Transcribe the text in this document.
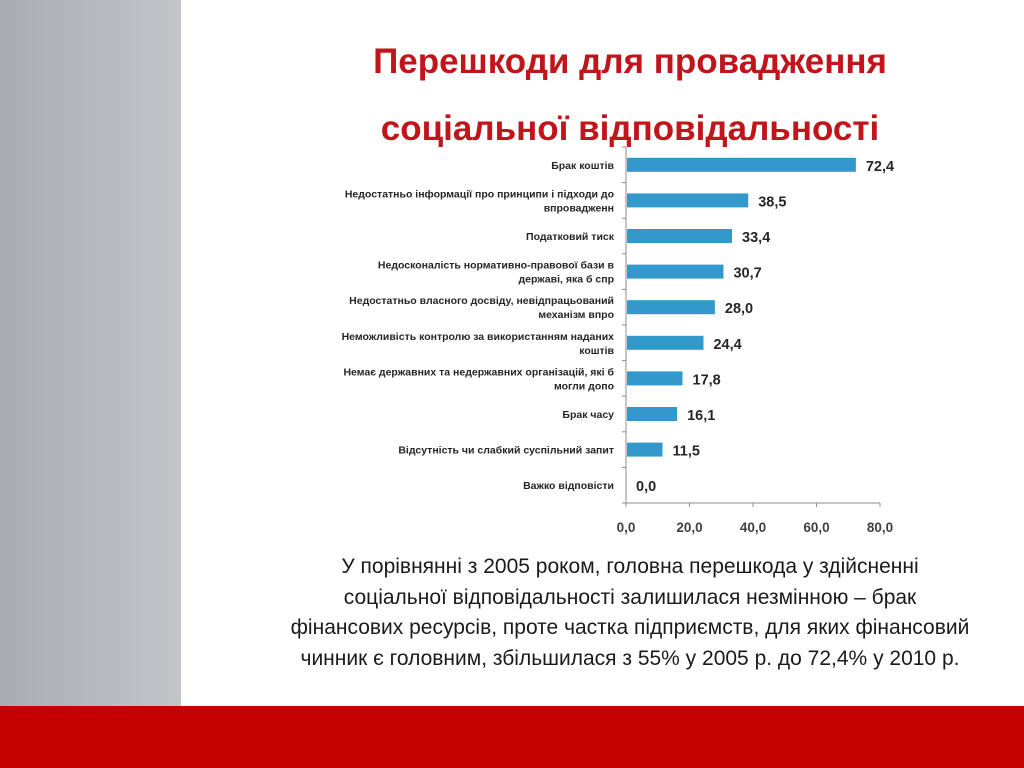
Перешкоди для провадження
соціальної відповідальності
72,4
Брак коштів
38,5
Недостатньо інформації про принципи і підходи до
впровадженн
33,4
Податковий тиск
30,7
Недосконаліcть нормативно-правової бази в
державі, яка б спр
28,0
Недостатньо власного досвіду, невідпрацьований
механізм впро
24,4
Неможливість контролю за використанням наданих
коштів
17,8
Немає державних та недержавних організацій, які б
могли допо
16,1
Брак часу
11,5
Відсутність чи слабкий суспільний запит
0,0
Важко відповісти
0,0	20,0	40,0	60,0	80,0

У порівнянні з 2005 роком, головна перешкода у здійсненні соціальної відповідальності залишилася незмінною – брак фінансових ресурсів, проте частка підприємств, для яких фінансовий чинник є головним, збільшилася з 55% у 2005 р. до 72,4% у 2010 р.
